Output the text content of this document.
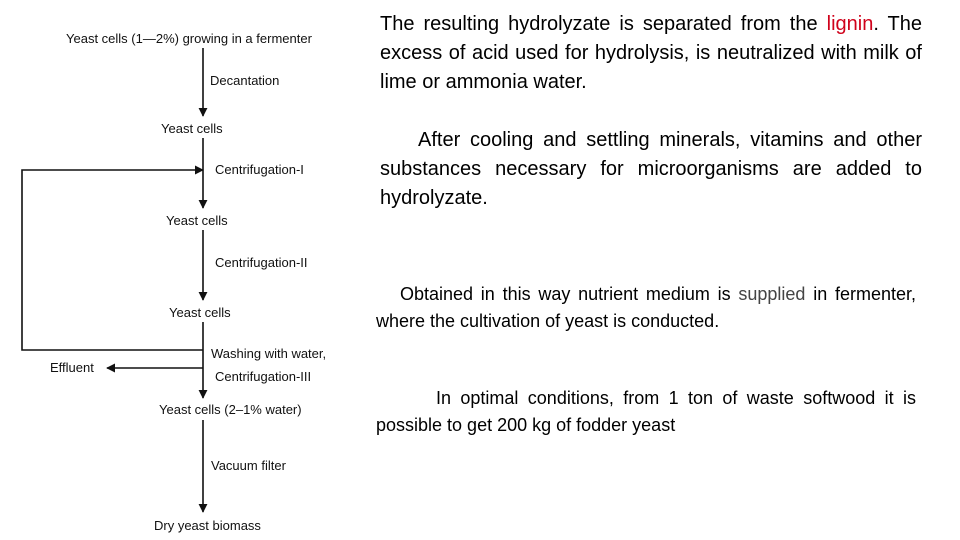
Yeast cells (1—2%) growing in a fermenter
Yeast cells
Yeast cells
Yeast cells
Yeast cells (2–1% water)
Dry yeast biomass
Effluent
Decantation
Centrifugation-I
Centrifugation-II
Washing with water,
Centrifugation-III
Vacuum filter

The resulting hydrolyzate is separated from the lignin. The excess of acid used for hydrolysis, is neutralized with milk of lime or ammonia water.

After cooling and settling minerals, vitamins and other substances necessary for microorganisms are added to hydrolyzate.

Obtained in this way nutrient medium is supplied in fermenter, where the cultivation of yeast is conducted.

In optimal conditions, from 1 ton of waste softwood it is possible to get 200 kg of fodder yeast
